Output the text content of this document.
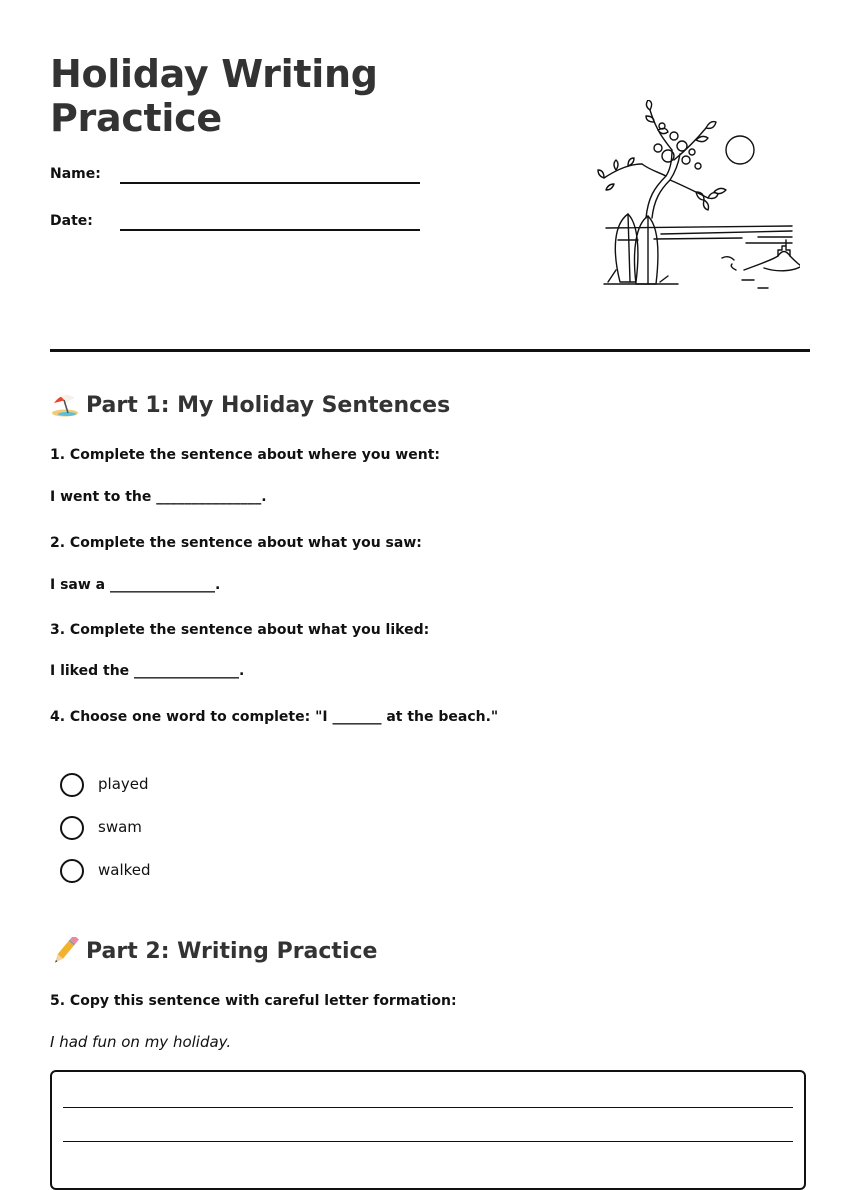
Holiday Writing
Practice
Name:
Date:
Part 1: My Holiday Sentences
1. Complete the sentence about where you went:
I went to the _______________.
2. Complete the sentence about what you saw:
I saw a _______________.
3. Complete the sentence about what you liked:
I liked the _______________.
4. Choose one word to complete: "I _______ at the beach."
played
swam
walked
Part 2: Writing Practice
5. Copy this sentence with careful letter formation:
I had fun on my holiday.
